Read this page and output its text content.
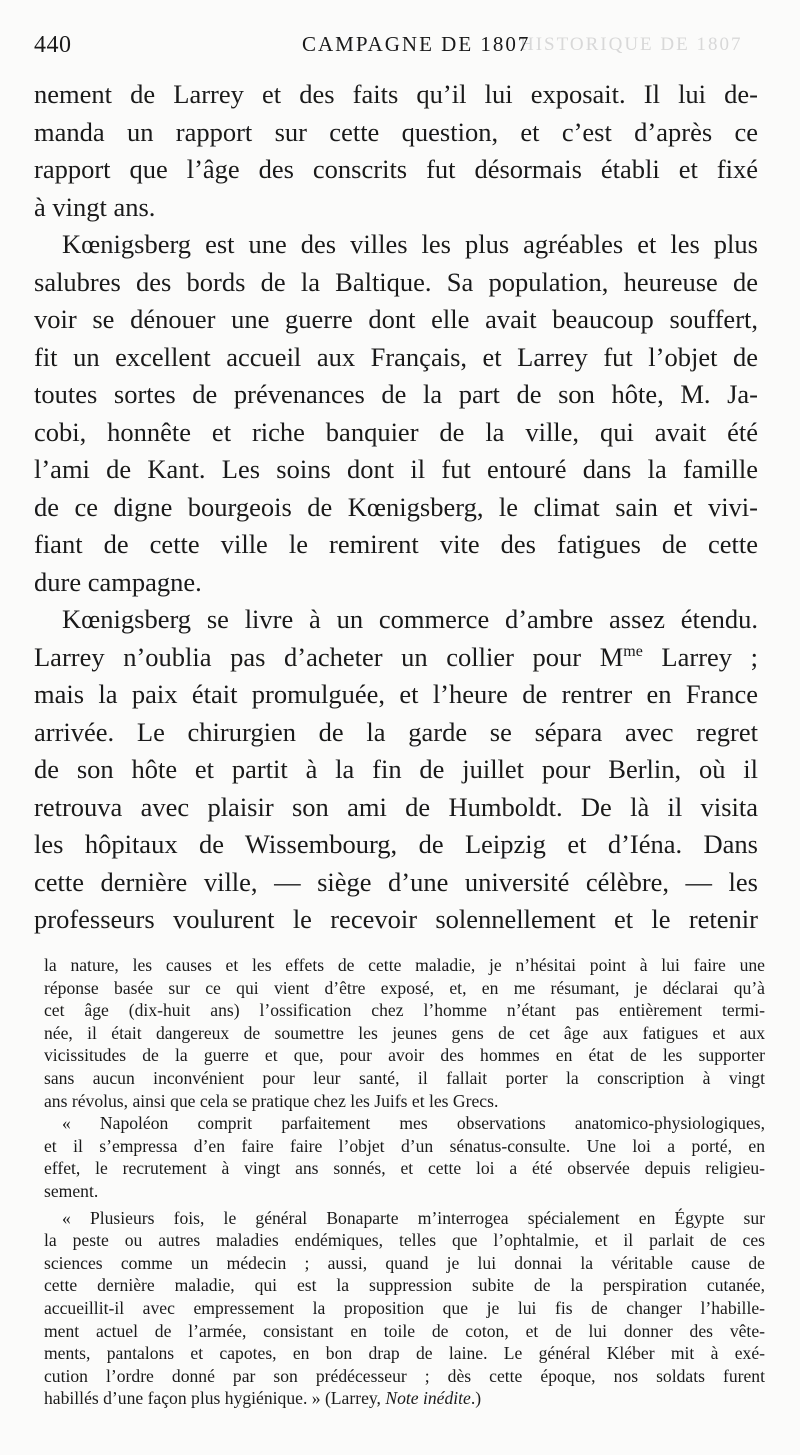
HISTORIQUE DE 1807
440	CAMPAGNE DE 1807
nement de Larrey et des faits qu’il lui exposait. Il lui de-
manda un rapport sur cette question, et c’est d’après ce
rapport que l’âge des conscrits fut désormais établi et fixé
à vingt ans.
Kœnigsberg est une des villes les plus agréables et les plus
salubres des bords de la Baltique. Sa population, heureuse de
voir se dénouer une guerre dont elle avait beaucoup souffert,
fit un excellent accueil aux Français, et Larrey fut l’objet de
toutes sortes de prévenances de la part de son hôte, M. Ja-
cobi, honnête et riche banquier de la ville, qui avait été
l’ami de Kant. Les soins dont il fut entouré dans la famille
de ce digne bourgeois de Kœnigsberg, le climat sain et vivi-
fiant de cette ville le remirent vite des fatigues de cette
dure campagne.
Kœnigsberg se livre à un commerce d’ambre assez étendu.
Larrey n’oublia pas d’acheter un collier pour $M^{me}$ Larrey ;
mais la paix était promulguée, et l’heure de rentrer en France
arrivée. Le chirurgien de la garde se sépara avec regret
de son hôte et partit à la fin de juillet pour Berlin, où il
retrouva avec plaisir son ami de Humboldt. De là il visita
les hôpitaux de Wissembourg, de Leipzig et d’Iéna. Dans
cette dernière ville, — siège d’une université célèbre, — les
professeurs voulurent le recevoir solennellement et le retenir
la nature, les causes et les effets de cette maladie, je n’hésitai point à lui faire une
réponse basée sur ce qui vient d’être exposé, et, en me résumant, je déclarai qu’à
cet âge (dix-huit ans) l’ossification chez l’homme n’étant pas entièrement termi-
née, il était dangereux de soumettre les jeunes gens de cet âge aux fatigues et aux
vicissitudes de la guerre et que, pour avoir des hommes en état de les supporter
sans aucun inconvénient pour leur santé, il fallait porter la conscription à vingt
ans révolus, ainsi que cela se pratique chez les Juifs et les Grecs.
« Napoléon comprit parfaitement mes observations anatomico-physiologiques,
et il s’empressa d’en faire faire l’objet d’un sénatus-consulte. Une loi a porté, en
effet, le recrutement à vingt ans sonnés, et cette loi a été observée depuis religieu-
sement.
« Plusieurs fois, le général Bonaparte m’interrogea spécialement en Égypte sur
la peste ou autres maladies endémiques, telles que l’ophtalmie, et il parlait de ces
sciences comme un médecin ; aussi, quand je lui donnai la véritable cause de
cette dernière maladie, qui est la suppression subite de la perspiration cutanée,
accueillit-il avec empressement la proposition que je lui fis de changer l’habille-
ment actuel de l’armée, consistant en toile de coton, et de lui donner des vête-
ments, pantalons et capotes, en bon drap de laine. Le général Kléber mit à exé-
cution l’ordre donné par son prédécesseur ; dès cette époque, nos soldats furent
habillés d’une façon plus hygiénique. » (Larrey, Note inédite.)
